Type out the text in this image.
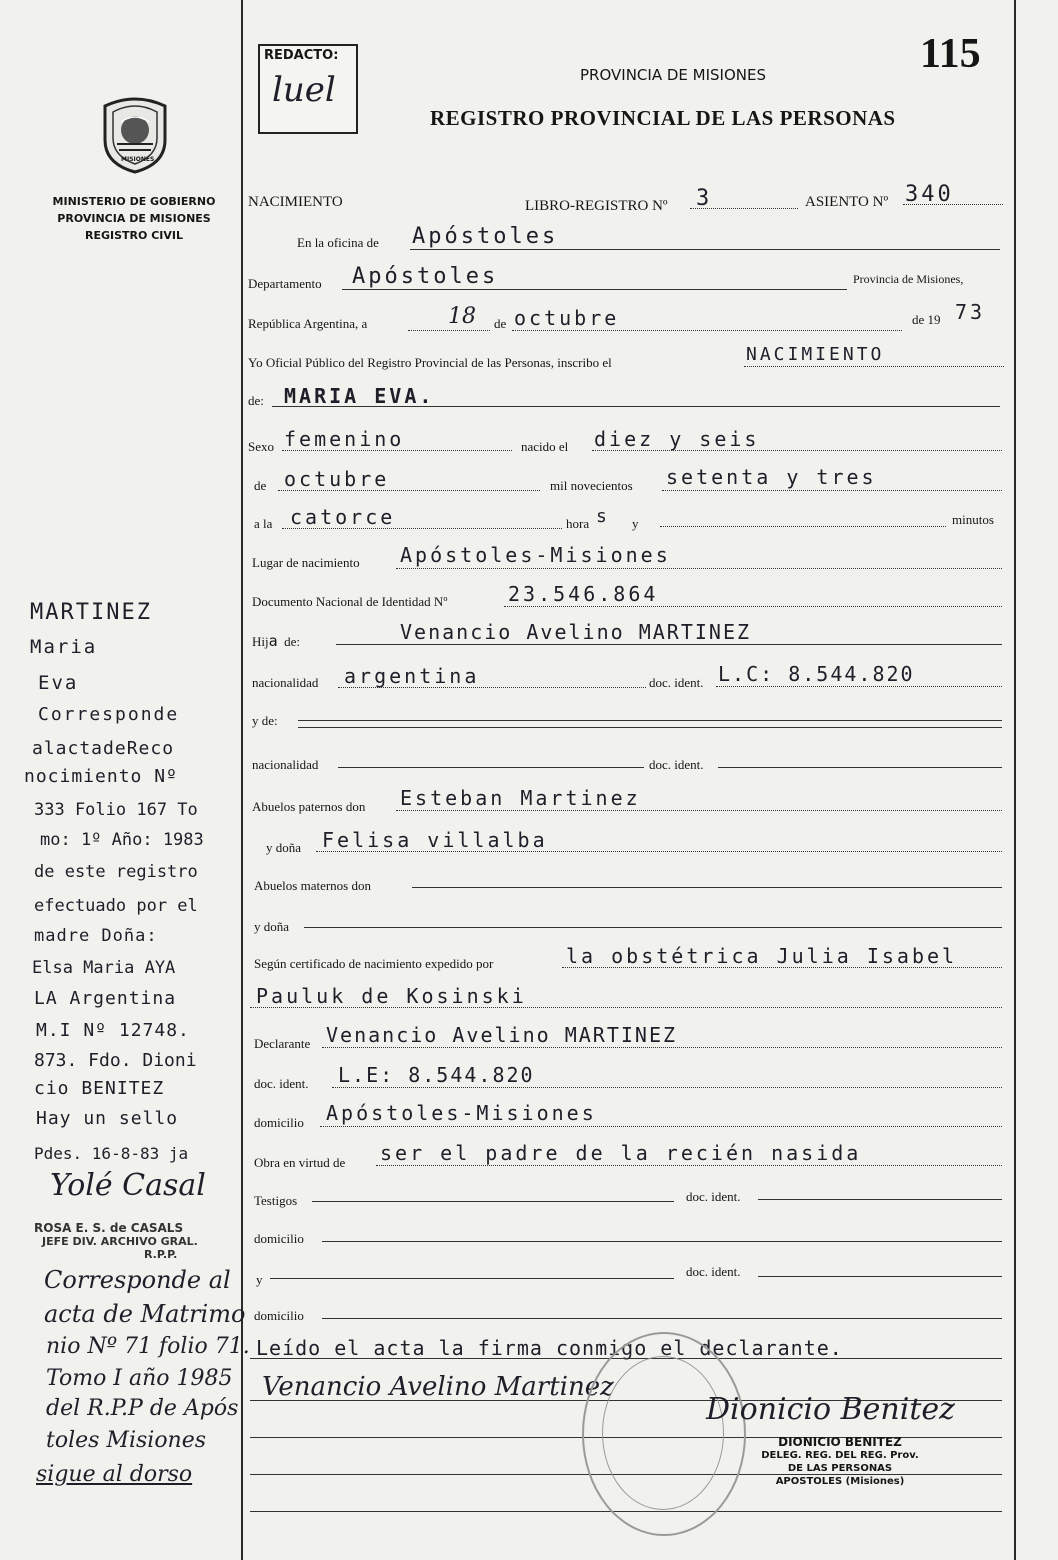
REDACTO:
luel
115
PROVINCIA DE MISIONES
REGISTRO PROVINCIAL DE LAS PERSONAS
MISIONES
MINISTERIO DE GOBIERNO
PROVINCIA DE MISIONES
REGISTRO CIVIL
NACIMIENTO	LIBRO-REGISTRO Nº 3	ASIENTO Nº 340
En la oficina de Apóstoles
Departamento Apóstoles	Provincia de Misiones,
República Argentina, a	18 de octubre	de 19 73
Yo Oficial Público del Registro Provincial de las Personas, inscribo el	NACIMIENTO
de: MARIA EVA.
Sexo femenino	nacido el diez y seis
de octubre	mil novecientos setenta y tres
a la catorce	hora s y	minutos
Lugar de nacimiento Apóstoles-Misiones
Documento Nacional de Identidad Nº	23.546.864
Hija de:	Venancio Avelino MARTINEZ
nacionalidad argentina	doc. ident. L.C: 8.544.820
y de:
nacionalidad	doc. ident.
Abuelos paternos don Esteban Martinez
y doña Felisa villalba
Abuelos maternos don
y doña
Según certificado de nacimiento expedido por	la obstétrica Julia Isabel
Pauluk de Kosinski
Declarante Venancio Avelino MARTINEZ
doc. ident. L.E: 8.544.820
domicilio Apóstoles-Misiones
Obra en virtud de ser el padre de la recién nasida
Testigos	doc. ident.
domicilio
y
doc. ident.
domicilio
Leído el acta la firma conmigo el declarante.
Venancio Avelino Martinez
Dionicio Benitez
DIONICIO BENITEZ
DELEG. REG. DEL REG. Prov.
DE LAS PERSONAS
APOSTOLES (Misiones)
MARTINEZ
Maria
Eva
Corresponde
alactadeReco
nocimiento Nº
333 Folio 167 To
mo: 1º Año: 1983
de este registro
efectuado por el
madre Doña:
Elsa Maria AYA
LA Argentina
M.I Nº 12748.
873. Fdo. Dioni
cio BENITEZ
Hay un sello
Pdes. 16-8-83 ja
Yolé Casal
ROSA E. S. de CASALS
JEFE DIV. ARCHIVO GRAL.
R.P.P.
Corresponde al
acta de Matrimo
nio Nº 71 folio 71.
Tomo I año 1985
del R.P.P de Após
toles Misiones
sigue al dorso
